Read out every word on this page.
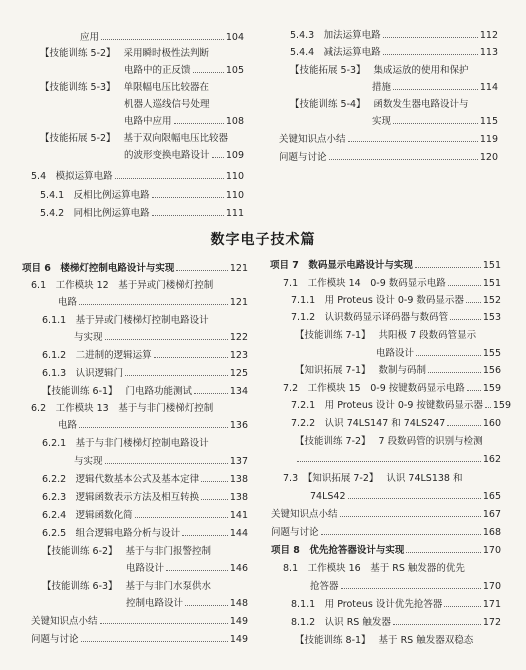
应用	104
【技能训练 5-2】 采用瞬时极性法判断
电路中的正反馈	105
【技能训练 5-3】 单限幅电压比较器在
机器人巡线信号处理
电路中应用	108
【技能拓展 5-2】 基于双向限幅电压比较器
的波形变换电路设计 109
5.4　模拟运算电路	110
5.4.1　反相比例运算电路	110
5.4.2　同相比例运算电路	111
5.4.3　加法运算电路	112
5.4.4　减法运算电路	113
【技能拓展 5-3】 集成运放的使用和保护
措施	114
【技能训练 5-4】 函数发生器电路设计与
实现	115
关键知识点小结	119
问题与讨论	120
数字电子技术篇
项目 6　楼梯灯控制电路设计与实现	121
6.1　工作模块 12　基于异或门楼梯灯控制
电路	121
6.1.1　基于异或门楼梯灯控制电路设计
与实现	122
6.1.2　二进制的逻辑运算	123
6.1.3　认识逻辑门	125
【技能训练 6-1】 门电路功能测试	134
6.2　工作模块 13　基于与非门楼梯灯控制
电路	136
6.2.1　基于与非门楼梯灯控制电路设计
与实现	137
6.2.2　逻辑代数基本公式及基本定律	138
6.2.3　逻辑函数表示方法及相互转换	138
6.2.4　逻辑函数化简	141
6.2.5　组合逻辑电路分析与设计	144
【技能训练 6-2】 基于与非门报警控制
电路设计	146
【技能训练 6-3】 基于与非门水泵供水
控制电路设计	148
关键知识点小结	149
问题与讨论	149
项目 7　数码显示电路设计与实现	151
7.1　工作模块 14　0-9 数码显示电路	151
7.1.1　用 Proteus 设计 0-9 数码显示器 152
7.1.2　认识数码显示译码器与数码管	153
【技能训练 7-1】 共阳极 7 段数码管显示
电路设计	155
【知识拓展 7-1】 数制与码制	156
7.2　工作模块 15　0-9 按键数码显示电路 159
7.2.1　用 Proteus 设计 0-9 按键数码显示器 159
7.2.2　认识 74LS147 和 74LS247	160
【技能训练 7-2】 7 段数码管的识别与检测
162
7.3　【知识拓展 7-2】 认识 74LS138 和
74LS42	165
关键知识点小结	167
问题与讨论	168
项目 8　优先抢答器设计与实现	170
8.1　工作模块 16　基于 RS 触发器的优先
抢答器	170
8.1.1　用 Proteus 设计优先抢答器	171
8.1.2　认识 RS 触发器	172
【技能训练 8-1】 基于 RS 触发器双稳态
